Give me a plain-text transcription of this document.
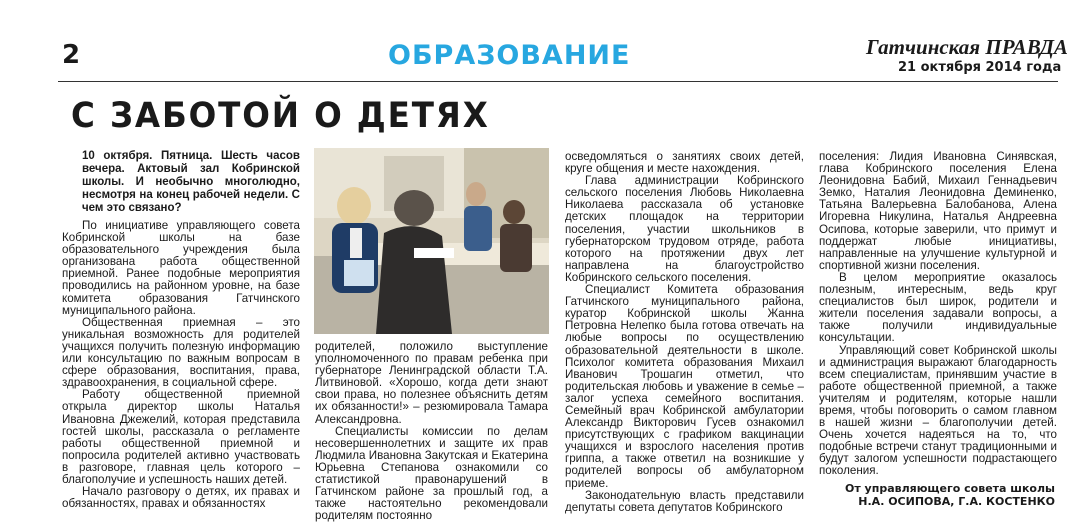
2	ОБРАЗОВАНИЕ	Гатчинская ПРАВДА
21 октября 2014 года
С ЗАБОТОЙ О ДЕТЯХ
10 октября. Пятница. Шесть часов вечера. Актовый зал Кобринской школы. И необычно многолюдно, несмотря на конец рабочей недели. С чем это связано?

По инициативе управляющего совета Кобринской школы на базе образовательного учреждения была организована работа общественной приемной. Ранее подобные мероприятия проводились на районном уровне, на базе комитета образования Гатчинского муниципального района.

Общественная приемная – это уникальная возможность для родителей учащихся получить полезную информацию или консультацию по важным вопросам в сфере образования, воспитания, права, здравоохранения, в социальной сфере.

Работу общественной приемной открыла директор школы Наталья Ивановна Джежелий, которая представила гостей школы, рассказала о регламенте работы общественной приемной и попросила родителей активно участвовать в разговоре, главная цель которого – благополучие и успешность наших детей.

Начало разговору о детях, их правах и обязанностях, правах и обязанностях

родителей, положило выступление уполномоченного по правам ребенка при губернаторе Ленинградской области Т.А. Литвиновой. «Хорошо, когда дети знают свои права, но полезнее объяснить детям их обязанности!» – резюмировала Тамара Александровна.

Специалисты комиссии по делам несовершеннолетних и защите их прав Людмила Ивановна Закутская и Екатерина Юрьевна Степанова ознакомили со статистикой правонарушений в Гатчинском районе за прошлый год, а также настоятельно рекомендовали родителям постоянно

осведомляться о занятиях своих детей, круге общения и месте нахождения.

Глава администрации Кобринского сельского поселения Любовь Николаевна Николаева рассказала об установке детских площадок на территории поселения, участии школьников в губернаторском трудовом отряде, работа которого на протяжении двух лет направлена на благоустройство Кобринского сельского поселения.

Специалист Комитета образования Гатчинского муниципального района, куратор Кобринской школы Жанна Петровна Нелепко была готова отвечать на любые вопросы по осуществлению образовательной деятельности в школе. Психолог комитета образования Михаил Иванович Трошагин отметил, что родительская любовь и уважение в семье – залог успеха семейного воспитания. Семейный врач Кобринской амбулатории Александр Викторович Гусев ознакомил присутствующих с графиком вакцинации учащихся и взрослого населения против гриппа, а также ответил на возникшие у родителей вопросы об амбулаторном приеме.

Законодательную власть представили депутаты совета депутатов Кобринского

поселения: Лидия Ивановна Синявская, глава Кобринского поселения Елена Леонидовна Бабий, Михаил Геннадьевич Земко, Наталия Леонидовна Деминенко, Татьяна Валерьевна Балобанова, Алена Игоревна Никулина, Наталья Андреевна Осипова, которые заверили, что примут и поддержат любые инициативы, направленные на улучшение культурной и спортивной жизни поселения.

В целом мероприятие оказалось полезным, интересным, ведь круг специалистов был широк, родители и жители поселения задавали вопросы, а также получили индивидуальные консультации.

Управляющий совет Кобринской школы и администрация выражают благодарность всем специалистам, принявшим участие в работе общественной приемной, а также учителям и родителям, которые нашли время, чтобы поговорить о самом главном в нашей жизни – благополучии детей. Очень хочется надеяться на то, что подобные встречи станут традиционными и будут залогом успешности подрастающего поколения.

От управляющего совета школы
Н.А. ОСИПОВА, Г.А. КОСТЕНКО
